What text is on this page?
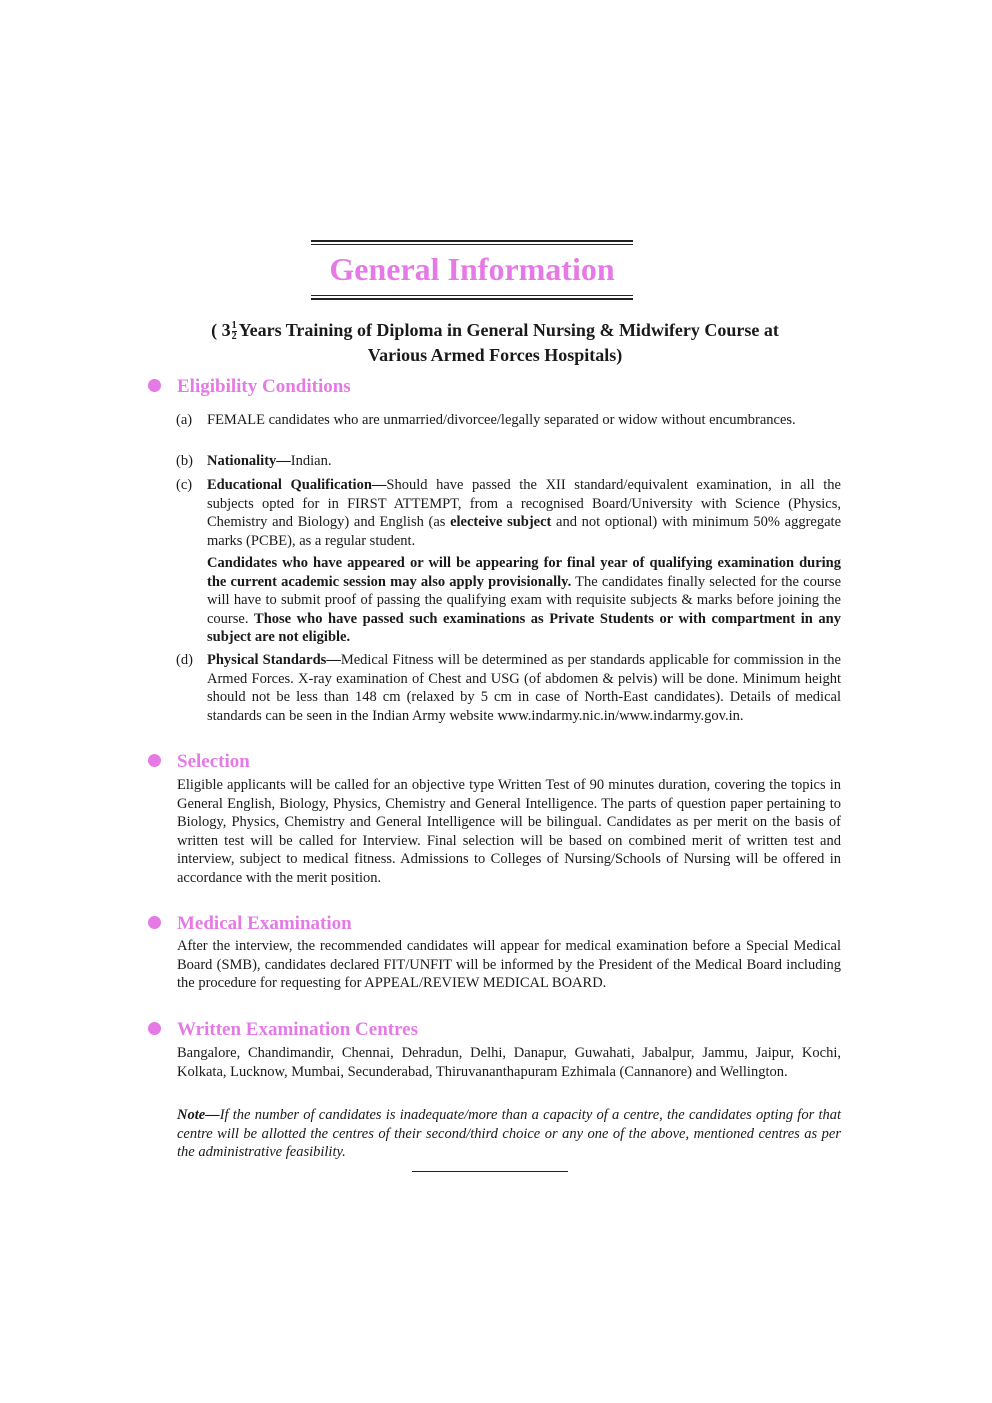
General Information
( $3 \frac{1}{2}$ Years Training of Diploma in General Nursing & Midwifery Course at
Various Armed Forces Hospitals)
Eligibility Conditions
(a)	FEMALE candidates who are unmarried/divorcee/legally separated or widow without encumbrances.
(b) Nationality—Indian.
(c)	Educational Qualification—Should have passed the XII standard/equivalent examination, in all the subjects opted for in FIRST ATTEMPT, from a recognised Board/University with Science (Physics, Chemistry and Biology) and English (as electeive subject and not optional) with minimum 50% aggregate marks (PCBE), as a regular student.
Candidates who have appeared or will be appearing for final year of qualifying examination during the current academic session may also apply provisionally. The candidates finally selected for the course will have to submit proof of passing the qualifying exam with requisite subjects & marks before joining the course. Those who have passed such examinations as Private Students or with compartment in any subject are not eligible.
(d) Physical Standards—Medical Fitness will be determined as per standards applicable for commission in the Armed Forces. X-ray examination of Chest and USG (of abdomen & pelvis) will be done. Minimum height should not be less than 148 cm (relaxed by 5 cm in case of North-East candidates). Details of medical standards can be seen in the Indian Army website www.indarmy.nic.in/www.indarmy.gov.in.
Selection
Eligible applicants will be called for an objective type Written Test of 90 minutes duration, covering the topics in General English, Biology, Physics, Chemistry and General Intelligence. The parts of question paper pertaining to Biology, Physics, Chemistry and General Intelligence will be bilingual. Candidates as per merit on the basis of written test will be called for Interview. Final selection will be based on combined merit of written test and interview, subject to medical fitness. Admissions to Colleges of Nursing/Schools of Nursing will be offered in accordance with the merit position.
Medical Examination
After the interview, the recommended candidates will appear for medical examination before a Special Medical Board (SMB), candidates declared FIT/UNFIT will be informed by the President of the Medical Board including the procedure for requesting for APPEAL/REVIEW MEDICAL BOARD.
Written Examination Centres
Bangalore, Chandimandir, Chennai, Dehradun, Delhi, Danapur, Guwahati, Jabalpur, Jammu, Jaipur, Kochi, Kolkata, Lucknow, Mumbai, Secunderabad, Thiruvananthapuram Ezhimala (Cannanore) and Wellington.
Note—If the number of candidates is inadequate/more than a capacity of a centre, the candidates opting for that centre will be allotted the centres of their second/third choice or any one of the above, mentioned centres as per the administrative feasibility.
